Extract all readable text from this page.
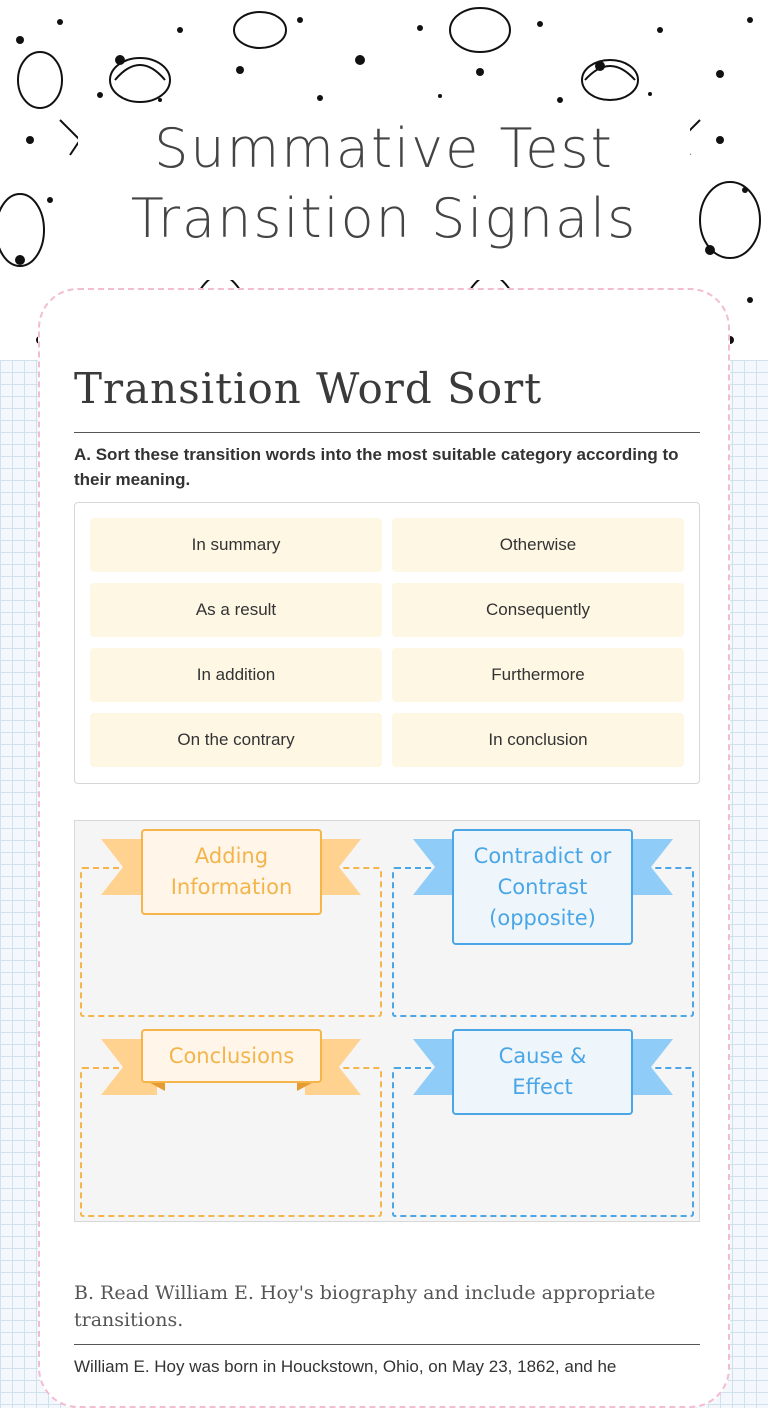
Summative Test
Transition Signals
Transition Word Sort
A. Sort these transition words into the most suitable category according to their meaning.
In summary	Otherwise
As a result	Consequently
In addition	Furthermore
On the contrary	In conclusion
Adding Information
Contradict or Contrast (opposite)
Conclusions	Cause & Effect
B. Read William E. Hoy's biography and include appropriate transitions.
William E. Hoy was born in Houckstown, Ohio, on May 23, 1862, and he
